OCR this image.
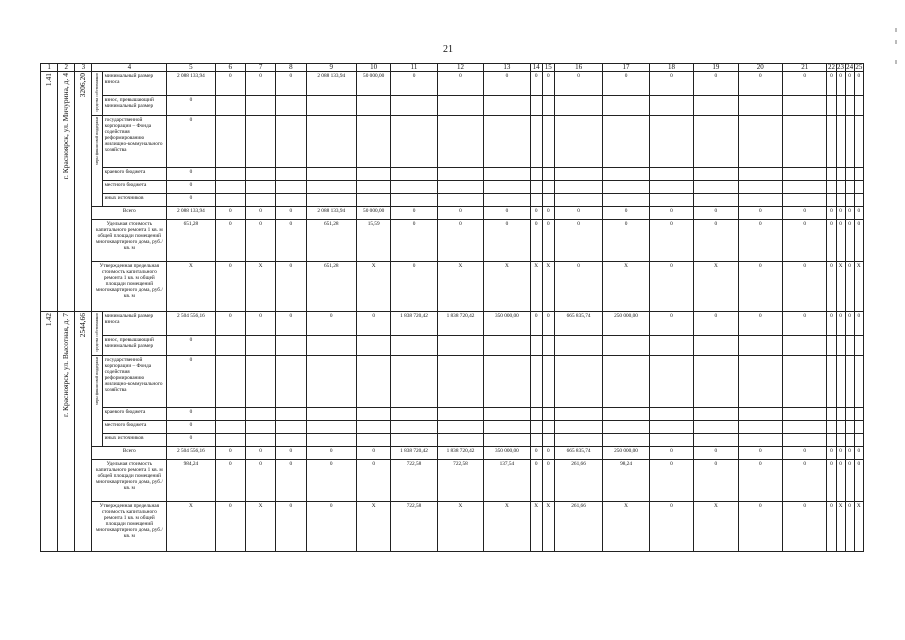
21
1	2	3	4		5	6	7	8	9	10	11	12	13	14	15	16	17	18	19	20	21	22	23	24	25
1.41	г. Красноярск, ул. Мичурина, д. 4	3206,20	средства собственников	минимальный размер взноса	2 088 133,94	0	0	0	2 088 133,94	50 000,00	0	0	0	0	0	0	0	0	0	0	0	0	0	0	0
				взнос, превышающий минимальный размер	0																				
			меры финансовой поддержки	государственной корпорации – Фонда содействия реформированию жилищно-коммунального хозяйства	0																				
				краевого бюджета	0																				
				местного бюджета	0																				
				иных источников	0																				
			Всего		2 088 133,94	0	0	0	2 088 133,94	50 000,00	0	0	0	0	0	0	0	0	0	0	0	0	0	0	0
			Удельная стоимость капитального ремонта 1 кв. м общей площади помещений многоквартирного дома, руб./кв. м		651,28	0	0	0	651,28	15,59	0	0	0	0	0	0	0	0	0	0	0	0	0	0	0
			Утвержденная предельная стоимость капитального ремонта 1 кв. м общей площади помещений многоквартирного дома, руб./кв. м		X	0	X	0	651,28	X	0	X	X	X	X	0	X	0	X	0	0	0	X	0	X
1.42	г. Красноярск, ул. Высотная, д. 7	2544,66	средства собственников	минимальный размер взноса	2 504 556,16	0	0	0	0	0	1 838 720,42	1 838 720,42	350 000,00	0	0	665 835,74	250 000,00	0	0	0	0	0	0	0	0
				взнос, превышающий минимальный размер	0																				
			меры финансовой поддержки	государственной корпорации – Фонда содействия реформированию жилищно-коммунального хозяйства	0																				
				краевого бюджета	0																				
				местного бюджета	0																				
				иных источников	0																				
			Всего		2 504 556,16	0	0	0	0	0	1 838 720,42	1 838 720,42	350 000,00	0	0	665 835,74	250 000,00	0	0	0	0	0	0	0	0
			Удельная стоимость капитального ремонта 1 кв. м общей площади помещений многоквартирного дома, руб./кв. м		984,24	0	0	0	0	0	722,58	722,58	137,54	0	0	261,66	98,24	0	0	0	0	0	0	0	0
			Утвержденная предельная стоимость капитального ремонта 1 кв. м общей площади помещений многоквартирного дома, руб./кв. м		X	0	X	0	0	X	722,58	X	X	X	X	261,66	X	0	X	0	0	0	X	0	X
